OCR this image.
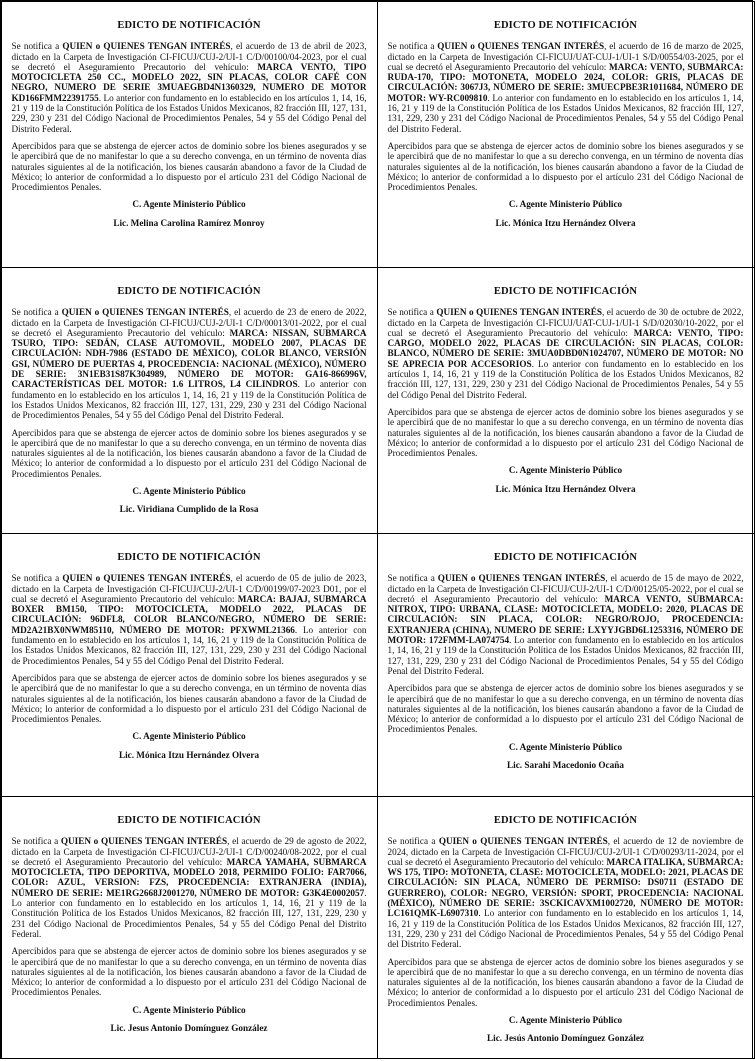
EDICTO DE NOTIFICACIÓN
Se notifica a QUIEN o QUIENES TENGAN INTERÉS, el acuerdo de 13 de abril de 2023, dictado en la Carpeta de Investigación CI-FICUJ/CUJ-2/UI-1 C/D/00100/04-2023, por el cual se decretó el Aseguramiento Precautorio del vehículo: MARCA VENTO, TIPO MOTOCICLETA 250 CC., MODELO 2022, SIN PLACAS, COLOR CAFÉ CON NEGRO, NUMERO DE SERIE 3MUAEGBD4N1360329, NUMERO DE MOTOR KD166FMM22391755. Lo anterior con fundamento en lo establecido en los artículos 1, 14, 16, 21 y 119 de la Constitución Política de los Estados Unidos Mexicanos, 82 fracción III, 127, 131, 229, 230 y 231 del Código Nacional de Procedimientos Penales, 54 y 55 del Código Penal del Distrito Federal.
Apercibidos para que se abstenga de ejercer actos de dominio sobre los bienes asegurados y se le apercibirá que de no manifestar lo que a su derecho convenga, en un término de noventa días naturales siguientes al de la notificación, los bienes causarán abandono a favor de la Ciudad de México; lo anterior de conformidad a lo dispuesto por el artículo 231 del Código Nacional de Procedimientos Penales.
C. Agente Ministerio Público
Lic. Melina Carolina Ramírez Monroy
EDICTO DE NOTIFICACIÓN
Se notifica a QUIEN o QUIENES TENGAN INTERÉS, el acuerdo de 16 de marzo de 2025, dictado en la Carpeta de Investigación CI-FICUJ/UAT-CUJ-1/UI-1 S/D/00554/03-2025, por el cual se decretó el Aseguramiento Precautorio del vehículo: MARCA: VENTO, SUBMARCA: RUDA-170, TIPO: MOTONETA, MODELO 2024, COLOR: GRIS, PLACAS DE CIRCULACIÓN: 3067J3, NÚMERO DE SERIE: 3MUECPBE3R1011684, NÚMERO DE MOTOR: WY-RC009810. Lo anterior con fundamento en lo establecido en los artículos 1, 14, 16, 21 y 119 de la Constitución Política de los Estados Unidos Mexicanos, 82 fracción III, 127, 131, 229, 230 y 231 del Código Nacional de Procedimientos Penales, 54 y 55 del Código Penal del Distrito Federal.
Apercibidos para que se abstenga de ejercer actos de dominio sobre los bienes asegurados y se le apercibirá que de no manifestar lo que a su derecho convenga, en un término de noventa días naturales siguientes al de la notificación, los bienes causarán abandono a favor de la Ciudad de México; lo anterior de conformidad a lo dispuesto por el artículo 231 del Código Nacional de Procedimientos Penales.
C. Agente Ministerio Público
Lic. Mónica Itzu Hernández Olvera
EDICTO DE NOTIFICACIÓN
Se notifica a QUIEN o QUIENES TENGAN INTERÉS, el acuerdo de 23 de enero de 2022, dictado en la Carpeta de Investigación CI-FICUJ/CUJ-2/UI-1 C/D/00013/01-2022, por el cual se decretó el Aseguramiento Precautorio del vehículo: MARCA: NISSAN, SUBMARCA TSURO, TIPO: SEDÁN, CLASE AUTOMOVIL, MODELO 2007, PLACAS DE CIRCULACIÓN: NDH-7986 (ESTADO DE MÉXICO), COLOR BLANCO, VERSIÓN GSI, NÚMERO DE PUERTAS 4, PROCEDENCIA: NACIONAL (MÉXICO), NÚMERO DE SERIE: 3N1EB31S87K304989, NÚMERO DE MOTOR: GA16-866996V, CARACTERÍSTICAS DEL MOTOR: 1.6 LITROS, L4 CILINDROS. Lo anterior con fundamento en lo establecido en los artículos 1, 14, 16, 21 y 119 de la Constitución Política de los Estados Unidos Mexicanos, 82 fracción III, 127, 131, 229, 230 y 231 del Código Nacional de Procedimientos Penales, 54 y 55 del Código Penal del Distrito Federal.
Apercibidos para que se abstenga de ejercer actos de dominio sobre los bienes asegurados y se le apercibirá que de no manifestar lo que a su derecho convenga, en un término de noventa días naturales siguientes al de la notificación, los bienes causarán abandono a favor de la Ciudad de México; lo anterior de conformidad a lo dispuesto por el artículo 231 del Código Nacional de Procedimientos Penales.
C. Agente Ministerio Público
Lic. Viridiana Cumplido de la Rosa
EDICTO DE NOTIFICACIÓN
Se notifica a QUIEN o QUIENES TENGAN INTERÉS, el acuerdo de 30 de octubre de 2022, dictado en la Carpeta de Investigación CI-FICUJ/UAT-CUJ-1/UI-1 S/D/02030/10-2022, por el cual se decretó el Aseguramiento Precautorio del vehículo: MARCA: VENTO, TIPO: CARGO, MODELO 2022, PLACAS DE CIRCULACIÓN: SIN PLACAS, COLOR: BLANCO, NÚMERO DE SERIE: 3MUA0DBD0N1024707, NÚMERO DE MOTOR: NO SE APRECIA POR ACCESORIOS. Lo anterior con fundamento en lo establecido en los artículos 1, 14, 16, 21 y 119 de la Constitución Política de los Estados Unidos Mexicanos, 82 fracción III, 127, 131, 229, 230 y 231 del Código Nacional de Procedimientos Penales, 54 y 55 del Código Penal del Distrito Federal.
Apercibidos para que se abstenga de ejercer actos de dominio sobre los bienes asegurados y se le apercibirá que de no manifestar lo que a su derecho convenga, en un término de noventa días naturales siguientes al de la notificación, los bienes causarán abandono a favor de la Ciudad de México; lo anterior de conformidad a lo dispuesto por el artículo 231 del Código Nacional de Procedimientos Penales.
C. Agente Ministerio Público
Lic. Mónica Itzu Hernández Olvera
EDICTO DE NOTIFICACIÓN
Se notifica a QUIEN o QUIENES TENGAN INTERÉS, el acuerdo de 05 de julio de 2023, dictado en la Carpeta de Investigación CI-FICUJ/CUJ-2/UI-1 C/D/00199/07-2023 D01, por el cual se decretó el Aseguramiento Precautorio del vehículo: MARCA: BAJAJ, SUBMARCA BOXER BM150, TIPO: MOTOCICLETA, MODELO 2022, PLACAS DE CIRCULACIÓN: 96DFL8, COLOR BLANCO/NEGRO, NÚMERO DE SERIE: MD2A21BX0NWM85110, NÚMERO DE MOTOR: PFXWML21366. Lo anterior con fundamento en lo establecido en los artículos 1, 14, 16, 21 y 119 de la Constitución Política de los Estados Unidos Mexicanos, 82 fracción III, 127, 131, 229, 230 y 231 del Código Nacional de Procedimientos Penales, 54 y 55 del Código Penal del Distrito Federal.
Apercibidos para que se abstenga de ejercer actos de dominio sobre los bienes asegurados y se le apercibirá que de no manifestar lo que a su derecho convenga, en un término de noventa días naturales siguientes al de la notificación, los bienes causarán abandono a favor de la Ciudad de México; lo anterior de conformidad a lo dispuesto por el artículo 231 del Código Nacional de Procedimientos Penales.
C. Agente Ministerio Público
Lic. Mónica Itzu Hernández Olvera
EDICTO DE NOTIFICACIÓN
Se notifica a QUIEN o QUIENES TENGAN INTERÉS, el acuerdo de 15 de mayo de 2022, dictado en la Carpeta de Investigación CI-FICUJ/CUJ-2/UI-1 C/D/00125/05-2022, por el cual se decretó el Aseguramiento Precautorio del vehículo: MARCA VENTO, SUBMARCA: NITROX, TIPO: URBANA, CLASE: MOTOCICLETA, MODELO: 2020, PLACAS DE CIRCULACIÓN: SIN PLACA, COLOR: NEGRO/ROJO, PROCEDENCIA: EXTRANJERA (CHINA), NUMERO DE SERIE: LXYYJGBD6L1253316, NÚMERO DE MOTOR: 172FMM-LA074754. Lo anterior con fundamento en lo establecido en los artículos 1, 14, 16, 21 y 119 de la Constitución Política de los Estados Unidos Mexicanos, 82 fracción III, 127, 131, 229, 230 y 231 del Código Nacional de Procedimientos Penales, 54 y 55 del Código Penal del Distrito Federal.
Apercibidos para que se abstenga de ejercer actos de dominio sobre los bienes asegurados y se le apercibirá que de no manifestar lo que a su derecho convenga, en un término de noventa días naturales siguientes al de la notificación, los bienes causarán abandono a favor de la Ciudad de México; lo anterior de conformidad a lo dispuesto por el artículo 231 del Código Nacional de Procedimientos Penales.
C. Agente Ministerio Público
Lic. Sarahi Macedonio Ocaña
EDICTO DE NOTIFICACIÓN
Se notifica a QUIEN o QUIENES TENGAN INTERÉS, el acuerdo de 29 de agosto de 2022, dictado en la Carpeta de Investigación CI-FICUJ/CUJ-2/UI-1 C/D/00240/08-2022, por el cual se decretó el Aseguramiento Precautorio del vehículo: MARCA YAMAHA, SUBMARCA MOTOCICLETA, TIPO DEPORTIVA, MODELO 2018, PERMIDO FOLIO: FAR7066, COLOR: AZUL, VERSION: FZS, PROCEDENCIA: EXTRANJERA (INDIA), NÚMERO DE SERIE: ME1RG2668J2001270, NÚMERO DE MOTOR: G3K4E0002057. Lo anterior con fundamento en lo establecido en los artículos 1, 14, 16, 21 y 119 de la Constitución Política de los Estados Unidos Mexicanos, 82 fracción III, 127, 131, 229, 230 y 231 del Código Nacional de Procedimientos Penales, 54 y 55 del Código Penal del Distrito Federal.
Apercibidos para que se abstenga de ejercer actos de dominio sobre los bienes asegurados y se le apercibirá que de no manifestar lo que a su derecho convenga, en un término de noventa días naturales siguientes al de la notificación, los bienes causarán abandono a favor de la Ciudad de México; lo anterior de conformidad a lo dispuesto por el artículo 231 del Código Nacional de Procedimientos Penales.
C. Agente Ministerio Público
Lic. Jesus Antonio Domínguez González
EDICTO DE NOTIFICACIÓN
Se notifica a QUIEN o QUIENES TENGAN INTERÉS, el acuerdo de 12 de noviembre de 2024, dictado en la Carpeta de Investigación CI-FICUJ/CUJ-2/UI-1 C/D/00293/11-2024, por el cual se decretó el Aseguramiento Precautorio del vehículo: MARCA ITALIKA, SUBMARCA: WS 175, TIPO: MOTONETA, CLASE: MOTOCICLETA, MODELO: 2021, PLACAS DE CIRCULACIÓN: SIN PLACA, NÚMERO DE PERMISO: DS0711 (ESTADO DE GUERRERO), COLOR: NEGRO, VERSIÓN: SPORT, PROCEDENCIA: NACIONAL (MÉXICO), NÚMERO DE SERIE: 3SCKICAVXM1002720, NÚMERO DE MOTOR: LC161QMK-L6907310. Lo anterior con fundamento en lo establecido en los artículos 1, 14, 16, 21 y 119 de la Constitución Política de los Estados Unidos Mexicanos, 82 fracción III, 127, 131, 229, 230 y 231 del Código Nacional de Procedimientos Penales, 54 y 55 del Código Penal del Distrito Federal.
Apercibidos para que se abstenga de ejercer actos de dominio sobre los bienes asegurados y se le apercibirá que de no manifestar lo que a su derecho convenga, en un término de noventa días naturales siguientes al de la notificación, los bienes causarán abandono a favor de la Ciudad de México; lo anterior de conformidad a lo dispuesto por el artículo 231 del Código Nacional de Procedimientos Penales.
C. Agente Ministerio Público
Lic. Jesús Antonio Domínguez González
